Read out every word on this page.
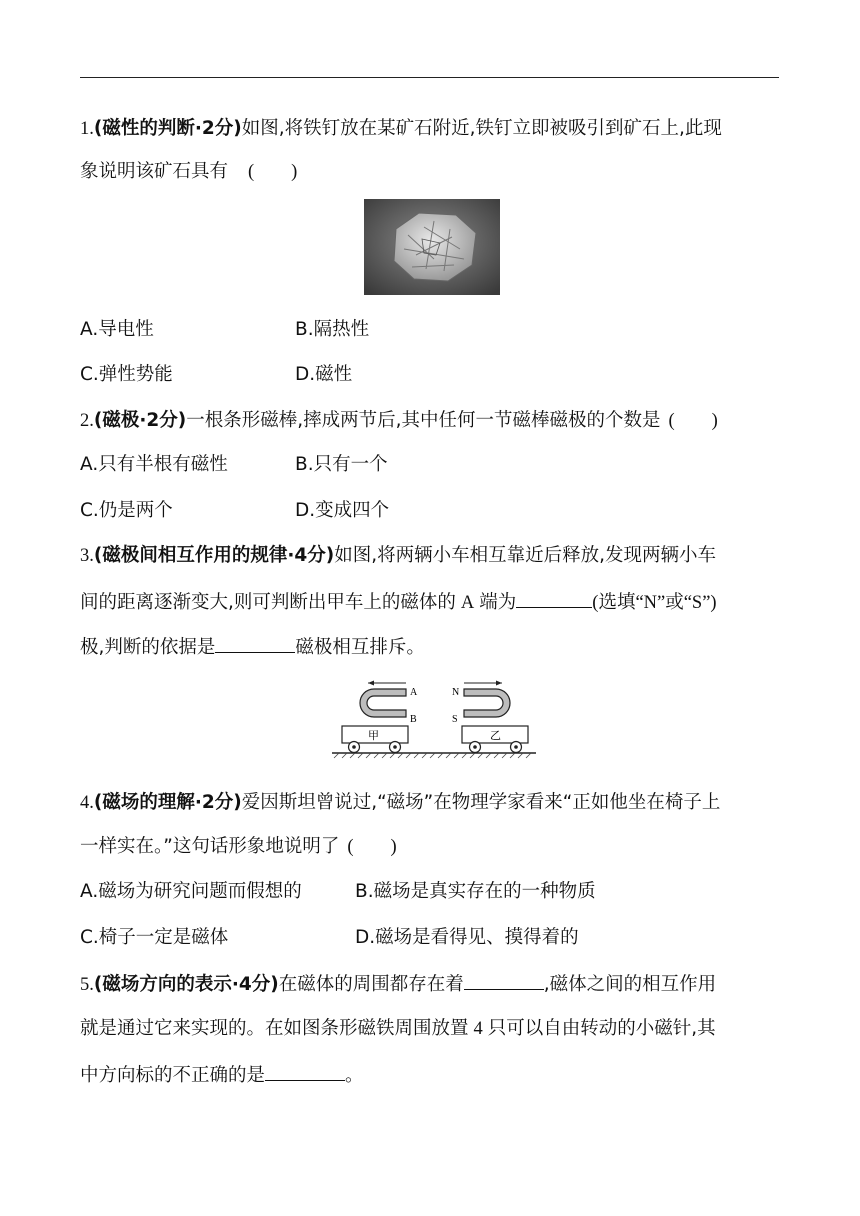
1.(磁性的判断·2分)如图,将铁钉放在某矿石附近,铁钉立即被吸引到矿石上,此现
象说明该矿石具有 (　　)
A.导电性	B.隔热性
C.弹性势能	D.磁性
2.(磁极·2分)一根条形磁棒,摔成两节后,其中任何一节磁棒磁极的个数是 (　　)
A.只有半根有磁性	B.只有一个
C.仍是两个	D.变成四个
3.(磁极间相互作用的规律·4分)如图,将两辆小车相互靠近后释放,发现两辆小车
间的距离逐渐变大,则可判断出甲车上的磁体的 A 端为	(选填“N”或“S”)
极,判断的依据是	磁极相互排斥。
A
B
N
S
甲	乙
4.(磁场的理解·2分)爱因斯坦曾说过,“磁场”在物理学家看来“正如他坐在椅子上
一样实在。”这句话形象地说明了 (　　)
A.磁场为研究问题而假想的	B.磁场是真实存在的一种物质
C.椅子一定是磁体	D.磁场是看得见、摸得着的
5.(磁场方向的表示·4分)在磁体的周围都存在着	,磁体之间的相互作用
就是通过它来实现的。在如图条形磁铁周围放置 4 只可以自由转动的小磁针,其
中方向标的不正确的是	。
